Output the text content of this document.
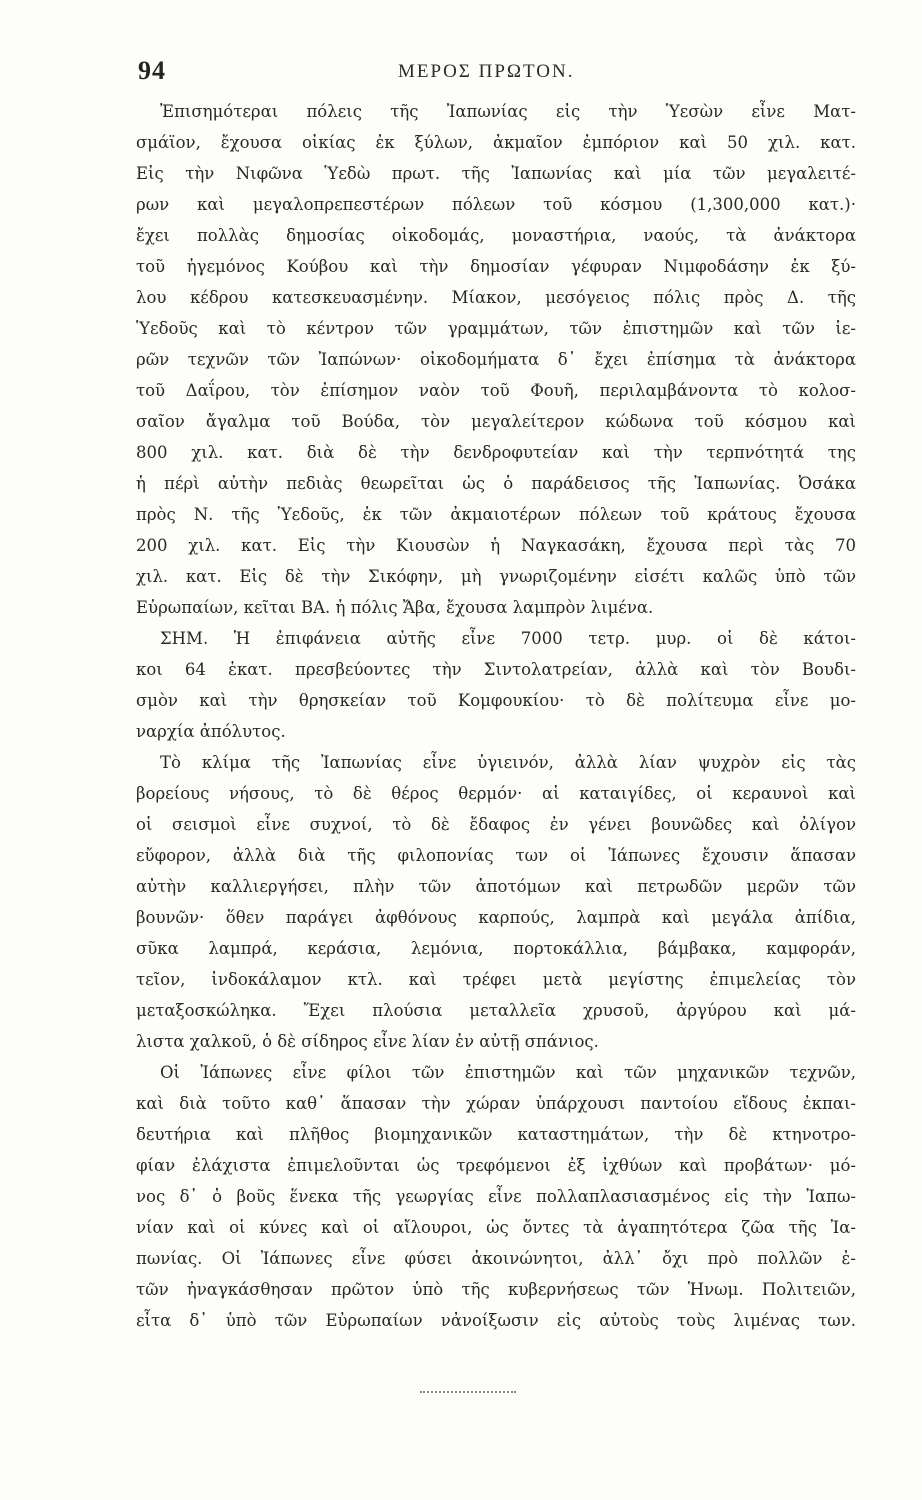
94	ΜΕΡΟΣ ΠΡΩΤΟΝ.
Ἐπισημότεραι πόλεις τῆς Ἰαπωνίας εἰς τὴν Ὑεσὼν εἶνε Ματ-
σμάϊον, ἔχουσα οἰκίας ἐκ ξύλων, ἀκμαῖον ἐμπόριον καὶ 50 χιλ. κατ.
Εἰς τὴν Νιφῶνα Ὑεδὼ πρωτ. τῆς Ἰαπωνίας καὶ μία τῶν μεγαλειτέ-
ρων καὶ μεγαλοπρεπεστέρων πόλεων τοῦ κόσμου (1,300,000 κατ.)·
ἔχει πολλὰς δημοσίας οἰκοδομάς, μοναστήρια, ναούς, τὰ ἀνάκτορα
τοῦ ἡγεμόνος Κούβου καὶ τὴν δημοσίαν γέφυραν Νιμφοδάσην ἐκ ξύ-
λου κέδρου κατεσκευασμένην. Μίακον, μεσόγειος πόλις πρὸς Δ. τῆς
Ὑεδοῦς καὶ τὸ κέντρον τῶν γραμμάτων, τῶν ἐπιστημῶν καὶ τῶν ἱε-
ρῶν τεχνῶν τῶν Ἰαπώνων· οἰκοδομήματα δ᾽ ἔχει ἐπίσημα τὰ ἀνάκτορα
τοῦ Δαΐρου, τὸν ἐπίσημον ναὸν τοῦ Φουῆ, περιλαμβάνοντα τὸ κολοσ-
σαῖον ἄγαλμα τοῦ Βούδα, τὸν μεγαλείτερον κώδωνα τοῦ κόσμου καὶ
800 χιλ. κατ. διὰ δὲ τὴν δενδροφυτείαν καὶ τὴν τερπνότητά της
ἡ πέρὶ αὐτὴν πεδιὰς θεωρεῖται ὡς ὁ παράδεισος τῆς Ἰαπωνίας. Ὀσάκα
πρὸς Ν. τῆς Ὑεδοῦς, ἐκ τῶν ἀκμαιοτέρων πόλεων τοῦ κράτους ἔχουσα
200 χιλ. κατ. Εἰς τὴν Κιουσὼν ἡ Ναγκασάκη, ἔχουσα περὶ τὰς 70
χιλ. κατ. Εἰς δὲ τὴν Σικόφην, μὴ γνωριζομένην εἰσέτι καλῶς ὑπὸ τῶν
Εὐρωπαίων, κεῖται ΒΑ. ἡ πόλις Ἄβα, ἔχουσα λαμπρὸν λιμένα.
ΣΗΜ. Ἡ ἐπιφάνεια αὐτῆς εἶνε 7000 τετρ. μυρ. οἱ δὲ κάτοι-
κοι 64 ἑκατ. πρεσβεύοντες τὴν Σιντολατρείαν, ἀλλὰ καὶ τὸν Βουδι-
σμὸν καὶ τὴν θρησκείαν τοῦ Κομφουκίου· τὸ δὲ πολίτευμα εἶνε μο-
ναρχία ἀπόλυτος.
Τὸ κλίμα τῆς Ἰαπωνίας εἶνε ὑγιεινόν, ἀλλὰ λίαν ψυχρὸν εἰς τὰς
βορείους νήσους, τὸ δὲ θέρος θερμόν· αἱ καταιγίδες, οἱ κεραυνοὶ καὶ
οἱ σεισμοὶ εἶνε συχνοί, τὸ δὲ ἔδαφος ἐν γένει βουνῶδες καὶ ὀλίγον
εὔφορον, ἀλλὰ διὰ τῆς φιλοπονίας των οἱ Ἰάπωνες ἔχουσιν ἅπασαν
αὐτὴν καλλιεργήσει, πλὴν τῶν ἀποτόμων καὶ πετρωδῶν μερῶν τῶν
βουνῶν· ὅθεν παράγει ἀφθόνους καρπούς, λαμπρὰ καὶ μεγάλα ἀπίδια,
σῦκα λαμπρά, κεράσια, λεμόνια, πορτοκάλλια, βάμβακα, καμφοράν,
τεῖον, ἰνδοκάλαμον κτλ. καὶ τρέφει μετὰ μεγίστης ἐπιμελείας τὸν
μεταξοσκώληκα. Ἔχει πλούσια μεταλλεῖα χρυσοῦ, ἀργύρου καὶ μά-
λιστα χαλκοῦ, ὁ δὲ σίδηρος εἶνε λίαν ἐν αὐτῇ σπάνιος.
Οἱ Ἰάπωνες εἶνε φίλοι τῶν ἐπιστημῶν καὶ τῶν μηχανικῶν τεχνῶν,
καὶ διὰ τοῦτο καθ᾽ ἅπασαν τὴν χώραν ὑπάρχουσι παντοίου εἴδους ἐκπαι-
δευτήρια καὶ πλῆθος βιομηχανικῶν καταστημάτων, τὴν δὲ κτηνοτρο-
φίαν ἐλάχιστα ἐπιμελοῦνται ὡς τρεφόμενοι ἐξ ἰχθύων καὶ προβάτων· μό-
νος δ᾽ ὁ βοῦς ἕνεκα τῆς γεωργίας εἶνε πολλαπλασιασμένος εἰς τὴν Ἰαπω-
νίαν καὶ οἱ κύνες καὶ οἱ αἴλουροι, ὡς ὄντες τὰ ἀγαπητότερα ζῶα τῆς Ἰα-
πωνίας. Οἱ Ἰάπωνες εἶνε φύσει ἀκοινώνητοι, ἀλλ᾽ ὄχι πρὸ πολλῶν ἐ-
τῶν ἠναγκάσθησαν πρῶτον ὑπὸ τῆς κυβερνήσεως τῶν Ἡνωμ. Πολιτειῶν,
εἶτα δ᾽ ὑπὸ τῶν Εὐρωπαίων νἀνοίξωσιν εἰς αὐτοὺς τοὺς λιμένας των.
